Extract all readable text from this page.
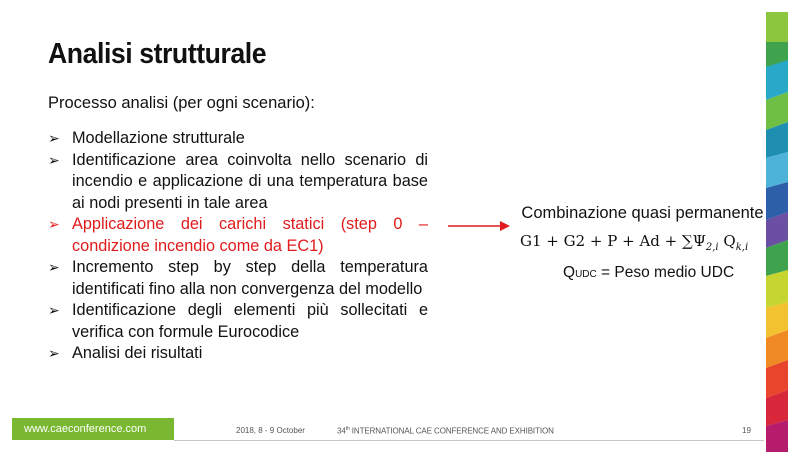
Analisi strutturale
Processo analisi (per ogni scenario):
➢ Modellazione strutturale
➢ Identificazione area coinvolta nello scenario di incendio e applicazione di una temperatura base ai nodi presenti in tale area
➢ Applicazione dei carichi statici (step 0 – condizione incendio come da EC1)
➢ Incremento step by step della temperatura identificati fino alla non convergenza del modello
➢ Identificazione degli elementi più sollecitati e verifica con formule Eurocodice
➢ Analisi dei risultati
Combinazione quasi permanente
$G1 + G2 + P + Ad + \sum\Psi_{2,i}$ $Q_{k,i}$
QUDC = Peso medio UDC
www.caeconference.com	2018, 8 - 9 October	34th INTERNATIONAL CAE CONFERENCE AND EXHIBITION	19
